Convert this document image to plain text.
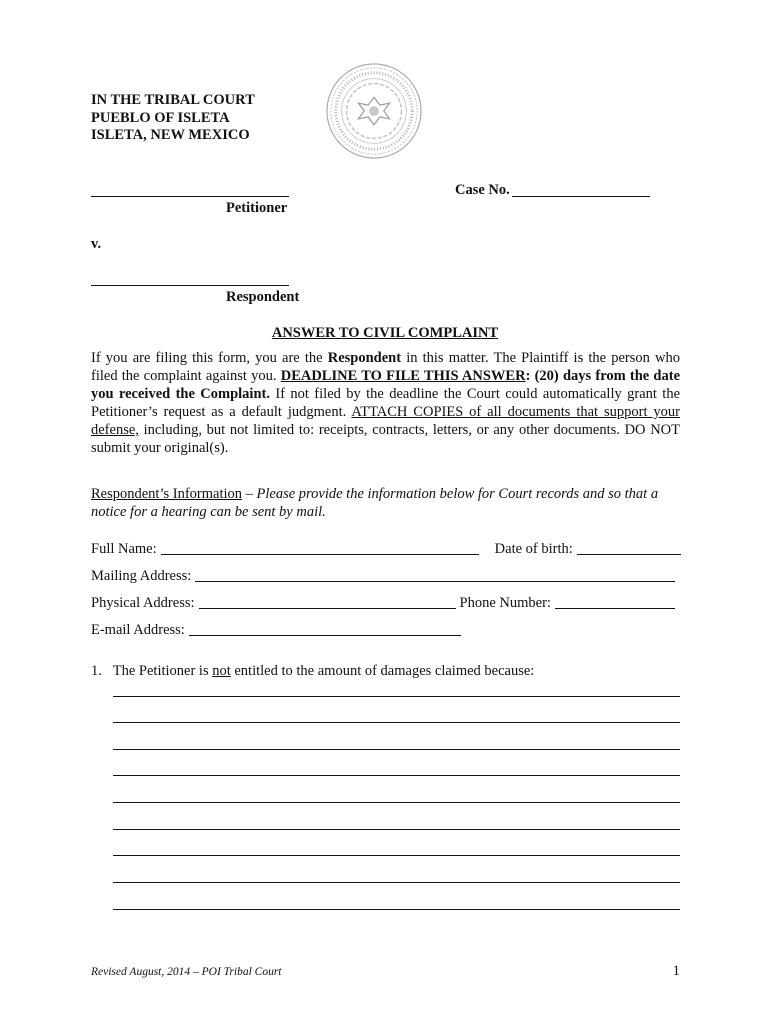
IN THE TRIBAL COURT
PUEBLO OF ISLETA
ISLETA, NEW MEXICO
Case No.
Petitioner
v.
Respondent
ANSWER TO CIVIL COMPLAINT
If you are filing this form, you are the Respondent in this matter. The Plaintiff is the person who filed the complaint against you. DEADLINE TO FILE THIS ANSWER: (20) days from the date you received the Complaint. If not filed by the deadline the Court could automatically grant the Petitioner’s request as a default judgment. ATTACH COPIES of all documents that support your defense, including, but not limited to: receipts, contracts, letters, or any other documents. DO NOT submit your original(s).
Respondent’s Information – Please provide the information below for Court records and so that a notice for a hearing can be sent by mail.
Full Name:	Date of birth:
Mailing Address:
Physical Address:	Phone Number:
E-mail Address:
1. The Petitioner is not entitled to the amount of damages claimed because:
Revised August, 2014 – POI Tribal Court	1
